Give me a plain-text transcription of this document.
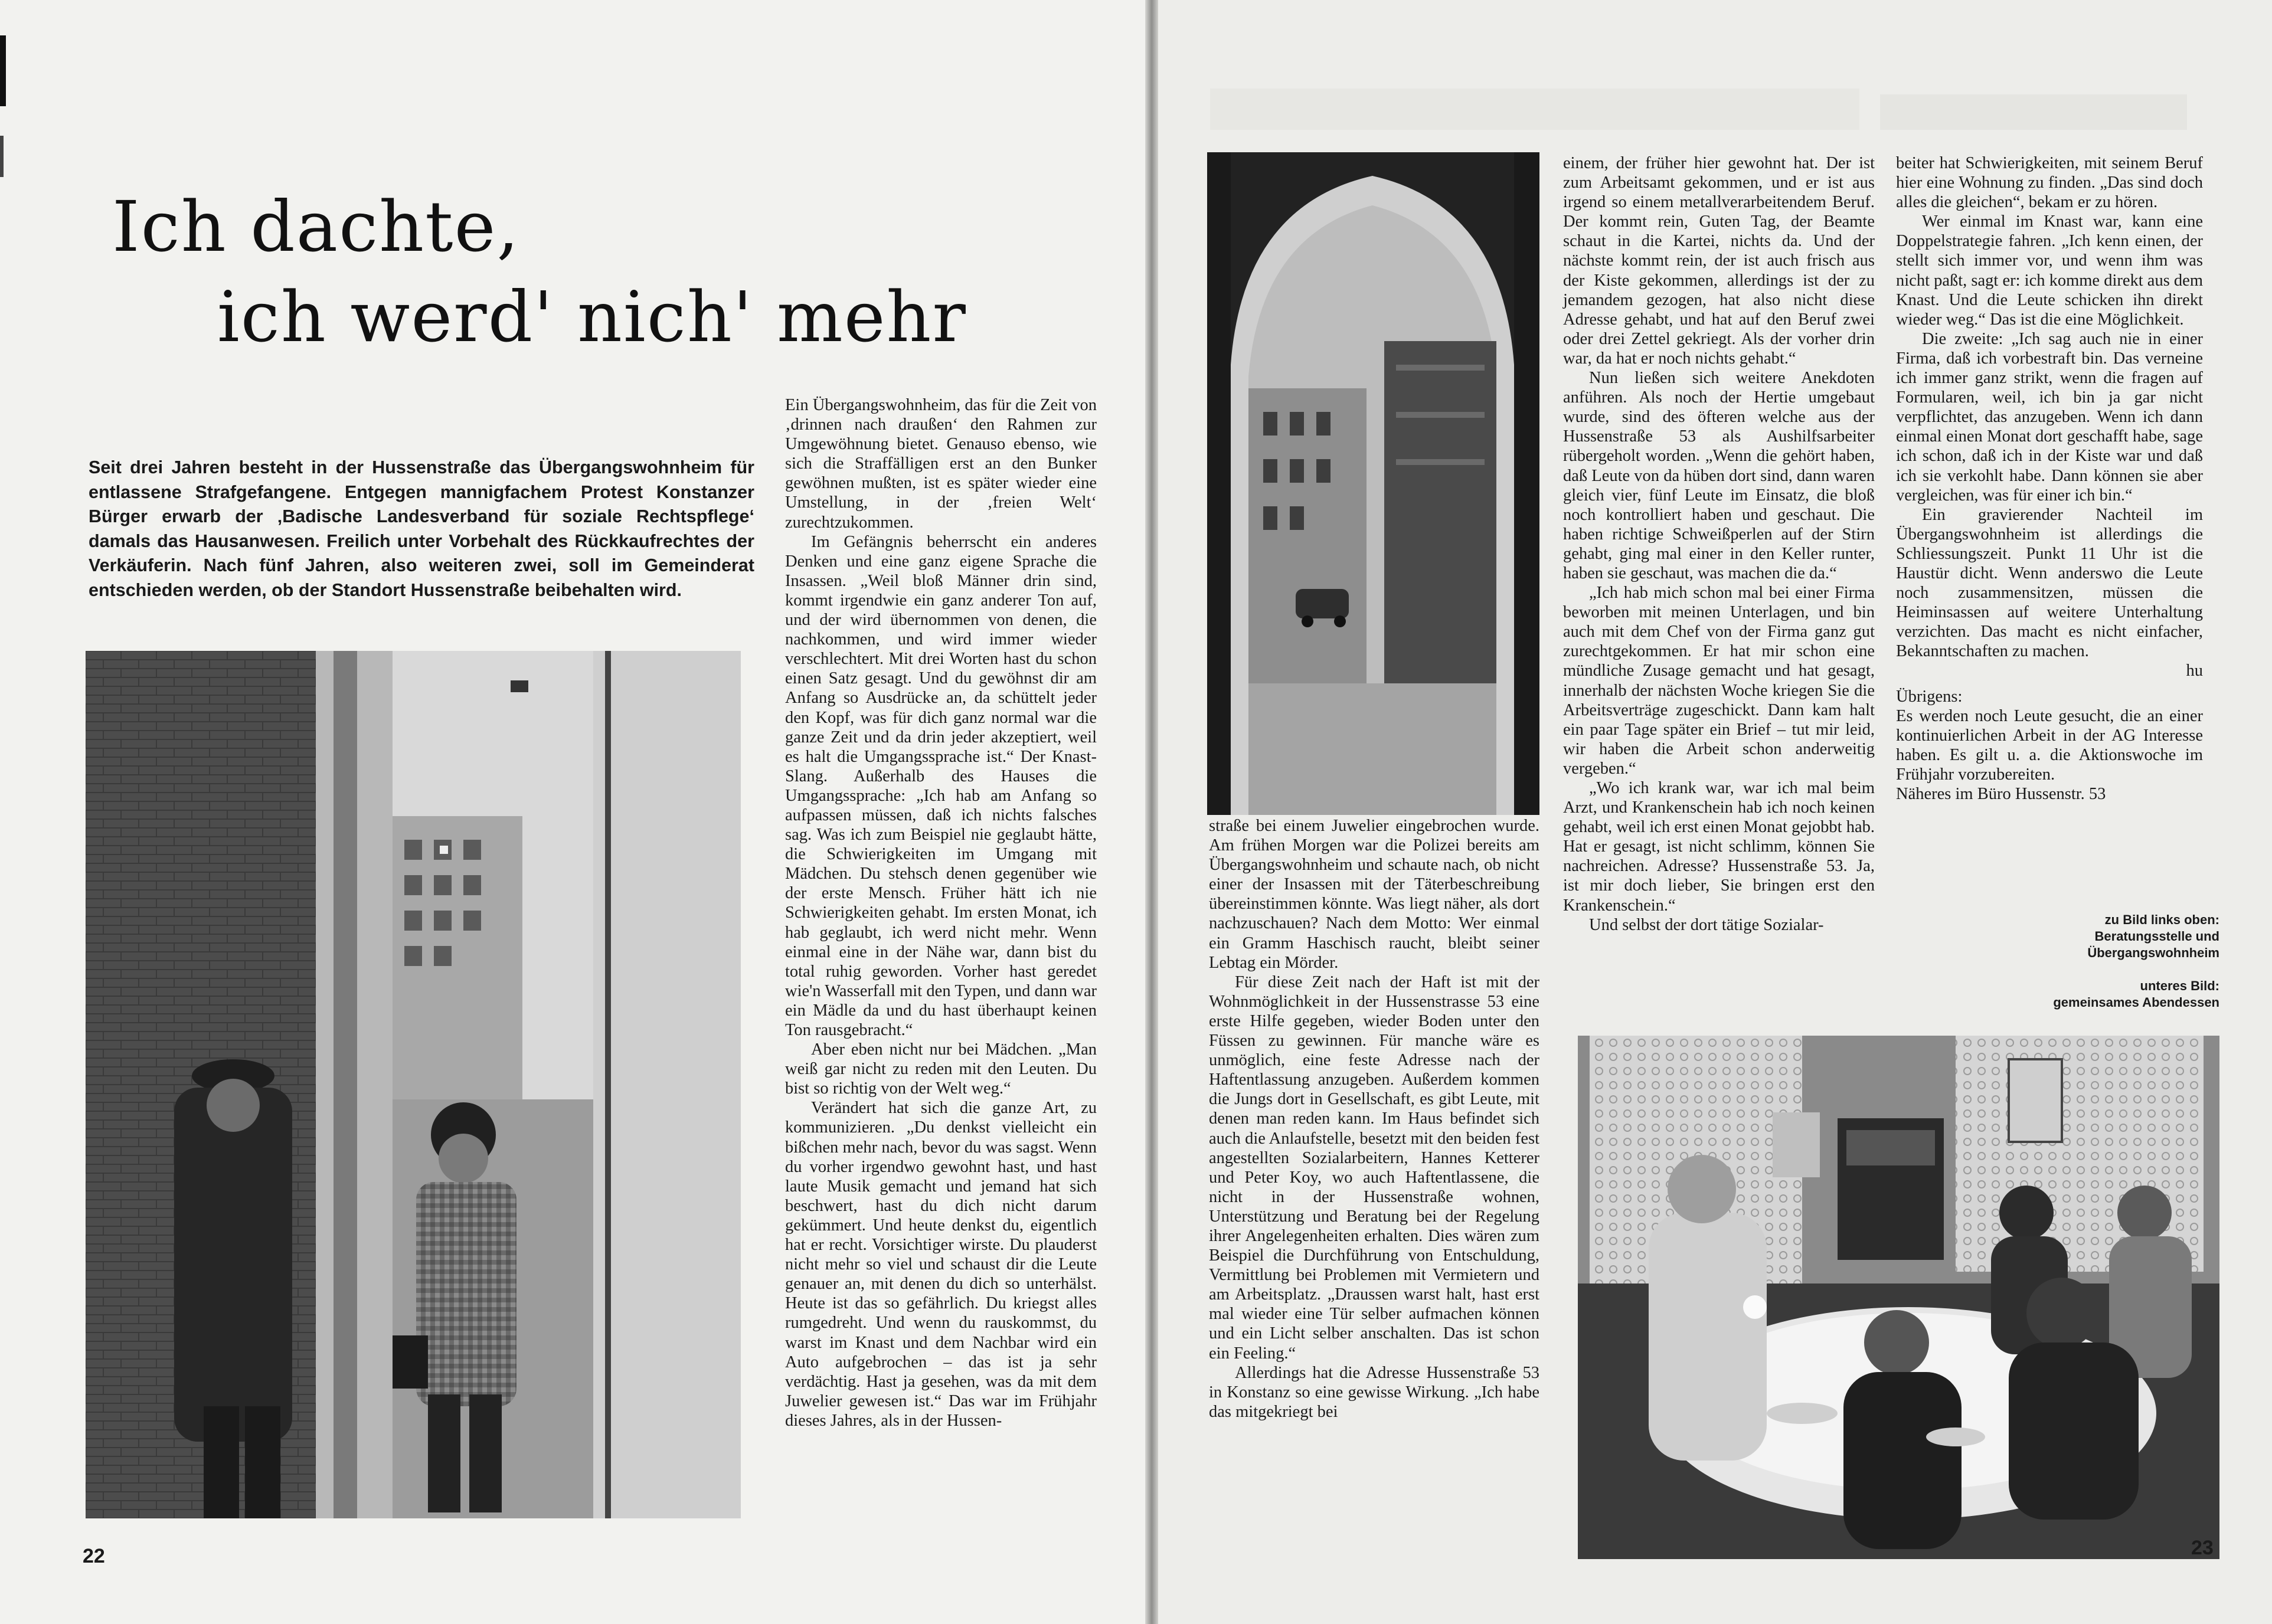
Ich dachte,
ich werd' nich' mehr
Seit drei Jahren besteht in der Hussenstraße das Übergangswohnheim für entlassene Strafgefangene. Entgegen mannigfachem Protest Konstanzer Bürger erwarb der ‚Badische Landesverband für soziale Rechtspflege‘ damals das Hausanwesen. Freilich unter Vorbehalt des Rückkaufrechtes der Verkäuferin. Nach fünf Jahren, also weiteren zwei, soll im Gemeinderat entschieden werden, ob der Standort Hussenstraße beibehalten wird.

Ein Übergangswohnheim, das für die Zeit von ‚drinnen nach draußen‘ den Rahmen zur Umgewöhnung bietet. Genauso ebenso, wie sich die Straffälligen erst an den Bunker gewöhnen mußten, ist es später wieder eine Umstellung, in der ‚freien Welt‘ zurechtzukommen.

Im Gefängnis beherrscht ein anderes Denken und eine ganz eigene Sprache die Insassen. „Weil bloß Männer drin sind, kommt irgendwie ein ganz anderer Ton auf, und der wird übernommen von denen, die nachkommen, und wird immer wieder verschlechtert. Mit drei Worten hast du schon einen Satz gesagt. Und du gewöhnst dir am Anfang so Ausdrücke an, da schüttelt jeder den Kopf, was für dich ganz normal war die ganze Zeit und da drin jeder akzeptiert, weil es halt die Umgangssprache ist.“ Der Knast-Slang. Außerhalb des Hauses die Umgangssprache: „Ich hab am Anfang so aufpassen müssen, daß ich nichts falsches sag. Was ich zum Beispiel nie geglaubt hätte, die Schwierigkeiten im Umgang mit Mädchen. Du stehsch denen gegenüber wie der erste Mensch. Früher hätt ich nie Schwierigkeiten gehabt. Im ersten Monat, ich hab geglaubt, ich werd nicht mehr. Wenn einmal eine in der Nähe war, dann bist du total ruhig geworden. Vorher hast geredet wie'n Wasserfall mit den Typen, und dann war ein Mädle da und du hast überhaupt keinen Ton rausgebracht.“

Aber eben nicht nur bei Mädchen. „Man weiß gar nicht zu reden mit den Leuten. Du bist so richtig von der Welt weg.“

Verändert hat sich die ganze Art, zu kommunizieren. „Du denkst vielleicht ein bißchen mehr nach, bevor du was sagst. Wenn du vorher irgendwo gewohnt hast, und hast laute Musik gemacht und jemand hat sich beschwert, hast du dich nicht darum gekümmert. Und heute denkst du, eigentlich hat er recht. Vorsichtiger wirste. Du plauderst nicht mehr so viel und schaust dir die Leute genauer an, mit denen du dich so unterhälst. Heute ist das so gefährlich. Du kriegst alles rumgedreht. Und wenn du rauskommst, du warst im Knast und dem Nachbar wird ein Auto aufgebrochen – das ist ja sehr verdächtig. Hast ja gesehen, was da mit dem Juwelier gewesen ist.“ Das war im Frühjahr dieses Jahres, als in der Hussen-

22

straße bei einem Juwelier eingebrochen wurde. Am frühen Morgen war die Polizei bereits am Übergangswohnheim und schaute nach, ob nicht einer der Insassen mit der Täterbeschreibung übereinstimmen könnte. Was liegt näher, als dort nachzuschauen? Nach dem Motto: Wer einmal ein Gramm Haschisch raucht, bleibt seiner Lebtag ein Mörder.

Für diese Zeit nach der Haft ist mit der Wohnmöglichkeit in der Hussenstrasse 53 eine erste Hilfe gegeben, wieder Boden unter den Füssen zu gewinnen. Für manche wäre es unmöglich, eine feste Adresse nach der Haftentlassung anzugeben. Außerdem kommen die Jungs dort in Gesellschaft, es gibt Leute, mit denen man reden kann. Im Haus befindet sich auch die Anlaufstelle, besetzt mit den beiden fest angestellten Sozialarbeitern, Hannes Ketterer und Peter Koy, wo auch Haftentlassene, die nicht in der Hussenstraße wohnen, Unterstützung und Beratung bei der Regelung ihrer Angelegenheiten erhalten. Dies wären zum Beispiel die Durchführung von Entschuldung, Vermittlung bei Problemen mit Vermietern und am Arbeitsplatz. „Draussen warst halt, hast erst mal wieder eine Tür selber aufmachen können und ein Licht selber anschalten. Das ist schon ein Feeling.“

Allerdings hat die Adresse Hussenstraße 53 in Konstanz so eine gewisse Wirkung. „Ich habe das mitgekriegt bei

einem, der früher hier gewohnt hat. Der ist zum Arbeitsamt gekommen, und er ist aus irgend so einem metallverarbeitendem Beruf. Der kommt rein, Guten Tag, der Beamte schaut in die Kartei, nichts da. Und der nächste kommt rein, der ist auch frisch aus der Kiste gekommen, allerdings ist der zu jemandem gezogen, hat also nicht diese Adresse gehabt, und hat auf den Beruf zwei oder drei Zettel gekriegt. Als der vorher drin war, da hat er noch nichts gehabt.“

Nun ließen sich weitere Anekdoten anführen. Als noch der Hertie umgebaut wurde, sind des öfteren welche aus der Hussenstraße 53 als Aushilfsarbeiter rübergeholt worden. „Wenn die gehört haben, daß Leute von da hüben dort sind, dann waren gleich vier, fünf Leute im Einsatz, die bloß noch kontrolliert haben und geschaut. Die haben richtige Schweißperlen auf der Stirn gehabt, ging mal einer in den Keller runter, haben sie geschaut, was machen die da.“

„Ich hab mich schon mal bei einer Firma beworben mit meinen Unterlagen, und bin auch mit dem Chef von der Firma ganz gut zurechtgekommen. Er hat mir schon eine mündliche Zusage gemacht und hat gesagt, innerhalb der nächsten Woche kriegen Sie die Arbeitsverträge zugeschickt. Dann kam halt ein paar Tage später ein Brief – tut mir leid, wir haben die Arbeit schon anderweitig vergeben.“

„Wo ich krank war, war ich mal beim Arzt, und Krankenschein hab ich noch keinen gehabt, weil ich erst einen Monat gejobbt hab. Hat er gesagt, ist nicht schlimm, können Sie nachreichen. Adresse? Hussenstraße 53. Ja, ist mir doch lieber, Sie bringen erst den Krankenschein.“

Und selbst der dort tätige Sozialar-

beiter hat Schwierigkeiten, mit seinem Beruf hier eine Wohnung zu finden. „Das sind doch alles die gleichen“, bekam er zu hören.

Wer einmal im Knast war, kann eine Doppelstrategie fahren. „Ich kenn einen, der stellt sich immer vor, und wenn ihm was nicht paßt, sagt er: ich komme direkt aus dem Knast. Und die Leute schicken ihn direkt wieder weg.“ Das ist die eine Möglichkeit.

Die zweite: „Ich sag auch nie in einer Firma, daß ich vorbestraft bin. Das verneine ich immer ganz strikt, wenn die fragen auf Formularen, weil, ich bin ja gar nicht verpflichtet, das anzugeben. Wenn ich dann einmal einen Monat dort geschafft habe, sage ich schon, daß ich in der Kiste war und daß ich sie verkohlt habe. Dann können sie aber vergleichen, was für einer ich bin.“

Ein gravierender Nachteil im Übergangswohnheim ist allerdings die Schliessungszeit. Punkt 11 Uhr ist die Haustür dicht. Wenn anderswo die Leute noch zusammensitzen, müssen die Heiminsassen auf weitere Unterhaltung verzichten. Das macht es nicht einfacher, Bekanntschaften zu machen.

hu

Übrigens:

Es werden noch Leute gesucht, die an einer kontinuierlichen Arbeit in der AG Interesse haben. Es gilt u. a. die Aktionswoche im Frühjahr vorzubereiten.

Näheres im Büro Hussenstr. 53

zu Bild links oben:
Beratungsstelle und
Übergangswohnheim
unteres Bild:
gemeinsames Abendessen
23
